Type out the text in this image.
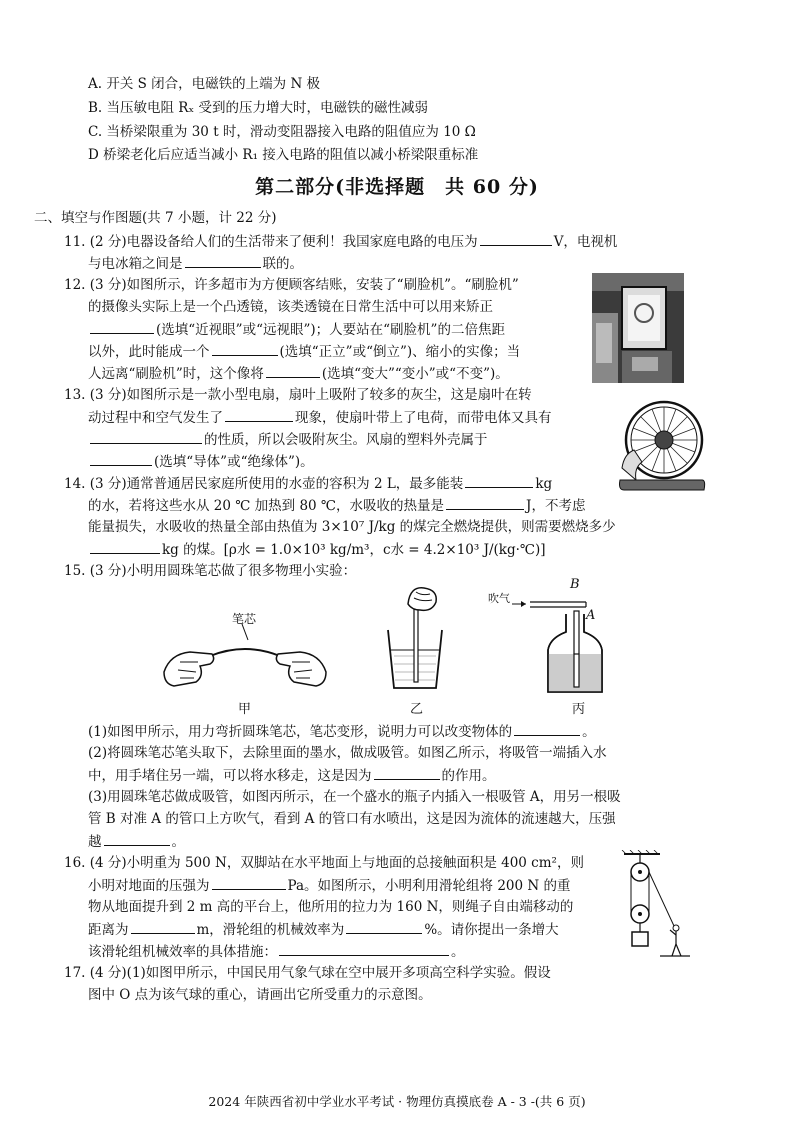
A. 开关 S 闭合，电磁铁的上端为 N 极
B. 当压敏电阻 Rₓ 受到的压力增大时，电磁铁的磁性减弱
C. 当桥梁限重为 30 t 时，滑动变阻器接入电路的阻值应为 10 Ω
D 桥梁老化后应适当减小 R₁ 接入电路的阻值以减小桥梁限重标准
第二部分(非选择题　共 60 分)
二、填空与作图题(共 7 小题，计 22 分)
11. (2 分)电器设备给人们的生活带来了便利！我国家庭电路的电压为	V，电视机
与电冰箱之间是	联的。
12. (3 分)如图所示，许多超市为方便顾客结账，安装了“刷脸机”。“刷脸机”
的摄像头实际上是一个凸透镜，该类透镜在日常生活中可以用来矫正
(选填“近视眼”或“远视眼”)；人要站在“刷脸机”的二倍焦距
以外，此时能成一个	(选填“正立”或“倒立”)、缩小的实像；当
人远离“刷脸机”时，这个像将	(选填“变大”“变小”或“不变”)。
13. (3 分)如图所示是一款小型电扇，扇叶上吸附了较多的灰尘，这是扇叶在转
动过程中和空气发生了	现象，使扇叶带上了电荷，而带电体又具有
的性质，所以会吸附灰尘。风扇的塑料外壳属于
(选填“导体”或“绝缘体”)。
14. (3 分)通常普通居民家庭所使用的水壶的容积为 2 L，最多能装	kg
的水，若将这些水从 20 ℃ 加热到 80 ℃，水吸收的热量是	J，不考虑
能量损失，水吸收的热量全部由热值为 3×10⁷ J/kg 的煤完全燃烧提供，则需要燃烧多少
kg 的煤。[ρ水 = 1.0×10³ kg/m³，c水 = 4.2×10³ J/(kg·℃)]
15. (3 分)小明用圆珠笔芯做了很多物理小实验：
笔芯
甲	乙
吹气
B
A
丙
(1)如图甲所示，用力弯折圆珠笔芯，笔芯变形，说明力可以改变物体的	。
(2)将圆珠笔芯笔头取下，去除里面的墨水，做成吸管。如图乙所示，将吸管一端插入水
中，用手堵住另一端，可以将水移走，这是因为	的作用。
(3)用圆珠笔芯做成吸管，如图丙所示，在一个盛水的瓶子内插入一根吸管 A，用另一根吸
管 B 对准 A 的管口上方吹气，看到 A 的管口有水喷出，这是因为流体的流速越大，压强
越	。
16. (4 分)小明重为 500 N，双脚站在水平地面上与地面的总接触面积是 400 cm²，则
小明对地面的压强为	Pa。如图所示，小明利用滑轮组将 200 N 的重
物从地面提升到 2 m 高的平台上，他所用的拉力为 160 N，则绳子自由端移动的
距离为	m，滑轮组的机械效率为	%。请你提出一条增大
该滑轮组机械效率的具体措施：	。
17. (4 分)(1)如图甲所示，中国民用气象气球在空中展开多项高空科学实验。假设
图中 O 点为该气球的重心，请画出它所受重力的示意图。
2024 年陕西省初中学业水平考试 · 物理仿真摸底卷 A - 3 -(共 6 页)
